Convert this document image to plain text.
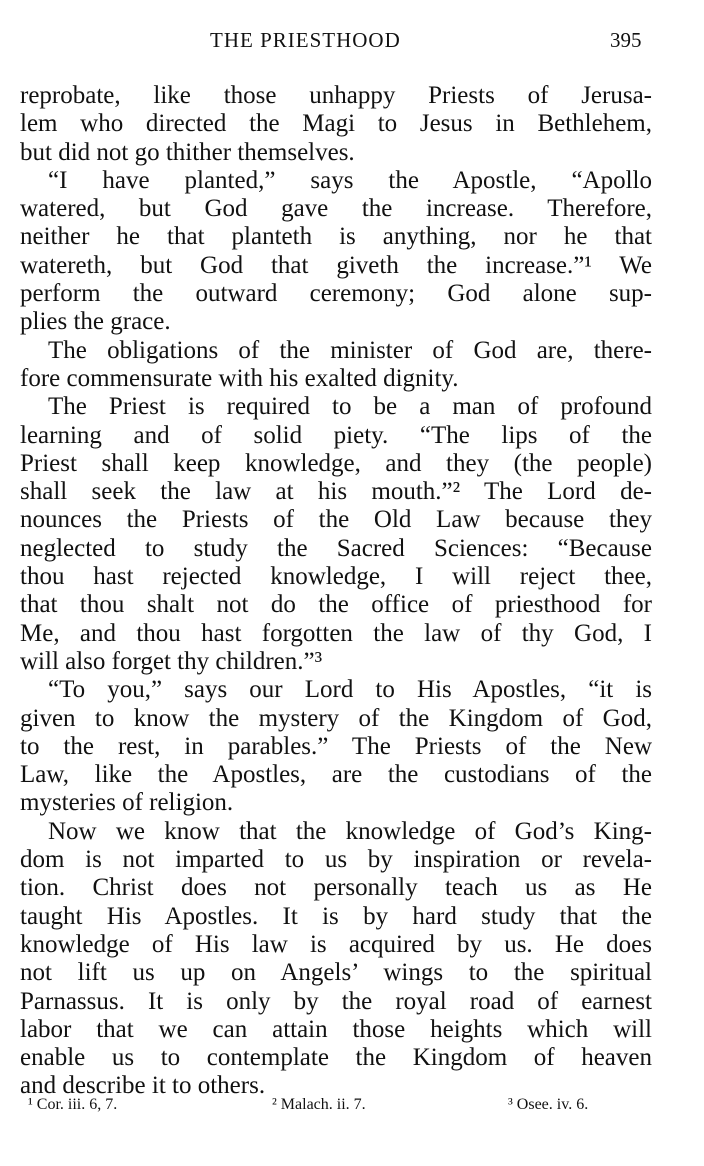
THE PRIESTHOOD	395
reprobate, like those unhappy Priests of Jerusa-
lem who directed the Magi to Jesus in Bethlehem,
but did not go thither themselves.
“I have planted,” says the Apostle, “Apollo
watered, but God gave the increase. Therefore,
neither he that planteth is anything, nor he that
watereth, but God that giveth the increase.”¹ We
perform the outward ceremony; God alone sup-
plies the grace.
The obligations of the minister of God are, there-
fore commensurate with his exalted dignity.
The Priest is required to be a man of profound
learning and of solid piety. “The lips of the
Priest shall keep knowledge, and they (the people)
shall seek the law at his mouth.”² The Lord de-
nounces the Priests of the Old Law because they
neglected to study the Sacred Sciences: “Because
thou hast rejected knowledge, I will reject thee,
that thou shalt not do the office of priesthood for
Me, and thou hast forgotten the law of thy God, I
will also forget thy children.”³
“To you,” says our Lord to His Apostles, “it is
given to know the mystery of the Kingdom of God,
to the rest, in parables.” The Priests of the New
Law, like the Apostles, are the custodians of the
mysteries of religion.
Now we know that the knowledge of God’s King-
dom is not imparted to us by inspiration or revela-
tion. Christ does not personally teach us as He
taught His Apostles. It is by hard study that the
knowledge of His law is acquired by us. He does
not lift us up on Angels’ wings to the spiritual
Parnassus. It is only by the royal road of earnest
labor that we can attain those heights which will
enable us to contemplate the Kingdom of heaven
and describe it to others.
¹ Cor. iii. 6, 7.	² Malach. ii. 7.	³ Osee. iv. 6.
